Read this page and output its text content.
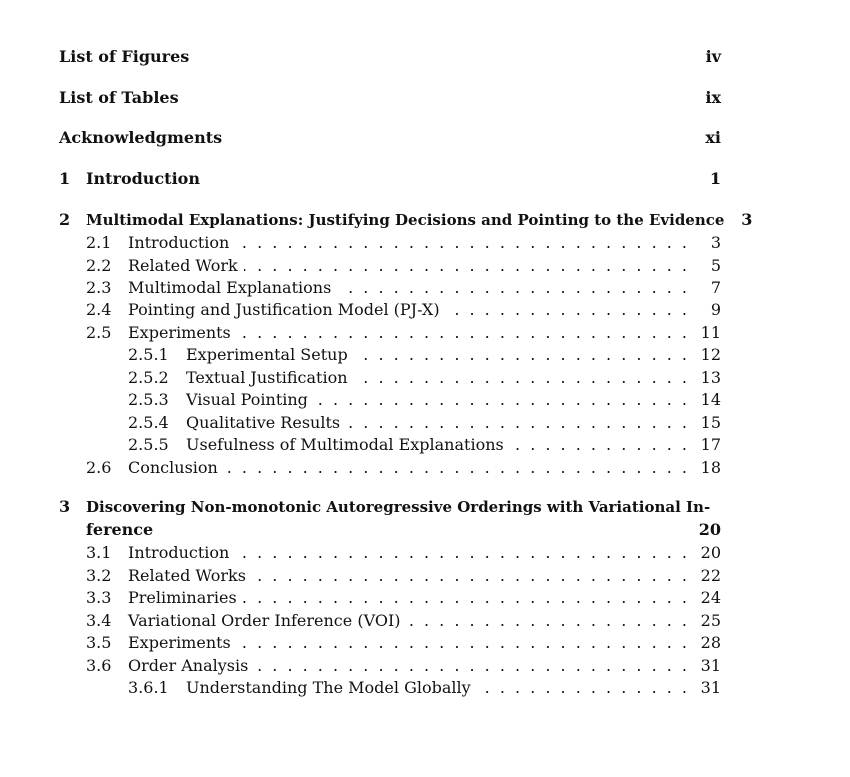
List of Figures	iv
List of Tables	ix
Acknowledgments	xi
1 Introduction	1
2	Multimodal Explanations: Justifying Decisions and Pointing to the Evidence	3
2.1	Introduction . . .	3
2.2	Related Work . . .	5
2.3	Multimodal Explanations . . .	7
2.4	Pointing and Justification Model (PJ-X) . . .	9
2.5	Experiments . . .	11
2.5.1	Experimental Setup . . .	12
2.5.2	Textual Justification . . .	13
2.5.3	Visual Pointing . . .	14
2.5.4	Qualitative Results . . .	15
2.5.5	Usefulness of Multimodal Explanations . . .	17
2.6	Conclusion . . .	18
3	Discovering Non-monotonic Autoregressive Orderings with Variational In-
ference	20
3.1	Introduction . . .	20
3.2	Related Works . . .	22
3.3	Preliminaries . . .	24
3.4	Variational Order Inference (VOI) . . .	25
3.5	Experiments . . .	28
3.6	Order Analysis . . .	31
3.6.1	Understanding The Model Globally . . .	31
